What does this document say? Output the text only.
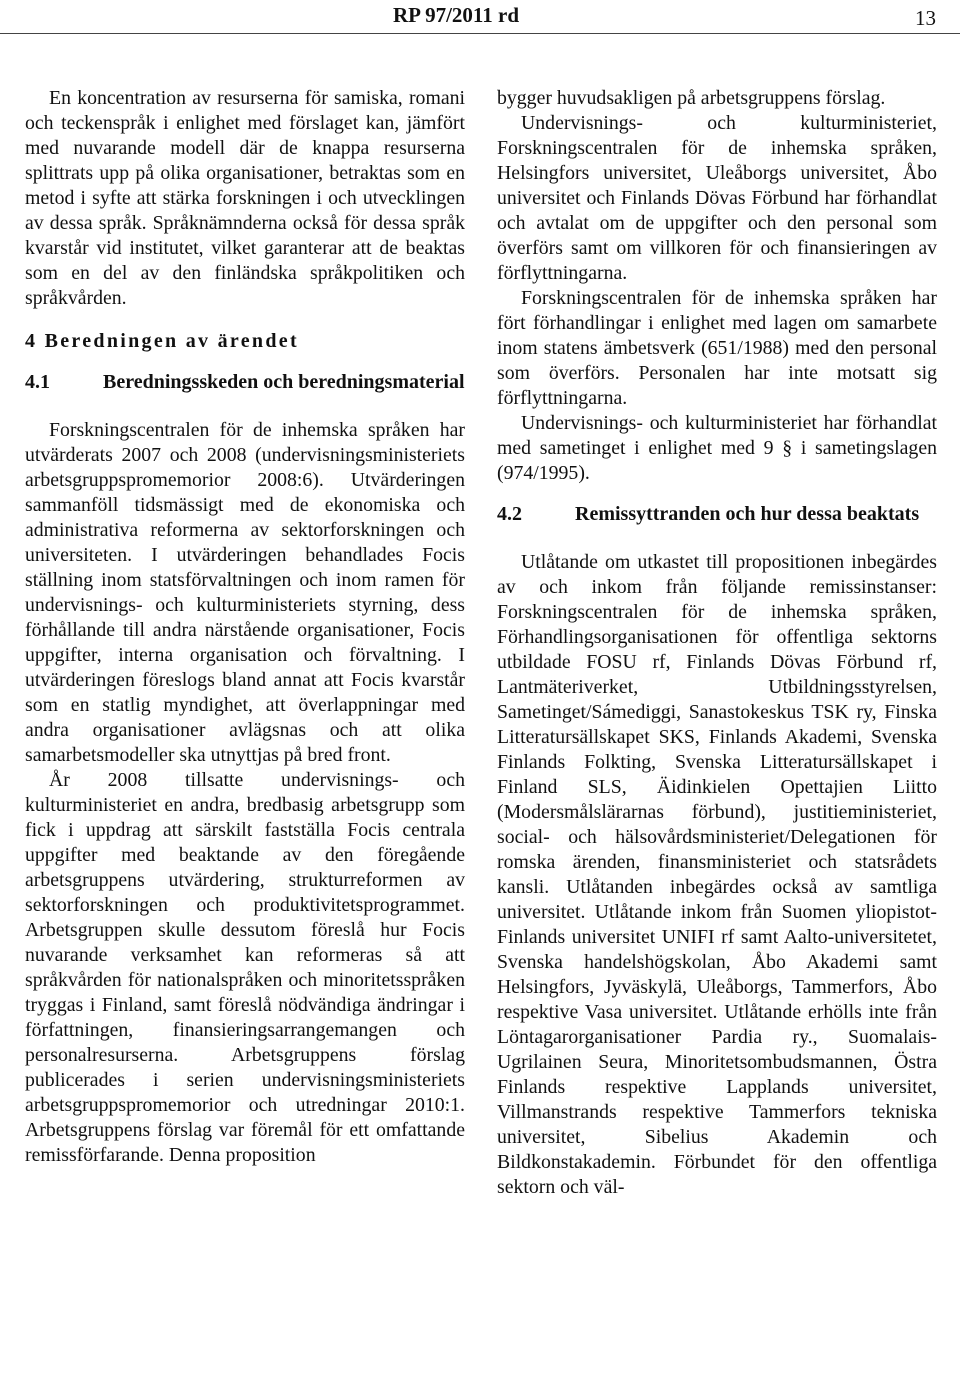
RP 97/2011 rd	13

En koncentration av resurserna för samiska, romani och teckenspråk i enlighet med förslaget kan, jämfört med nuvarande modell där de knappa resurserna splittrats upp på olika organisationer, betraktas som en metod i syfte att stärka forskningen i och utvecklingen av dessa språk. Språknämnderna också för dessa språk kvarstår vid institutet, vilket garanterar att de beaktas som en del av den finländska språkpolitiken och språkvården.

4 Beredningen av ärendet
4.1	Beredningsskeden och beredningsmaterial

Forskningscentralen för de inhemska språken har utvärderats 2007 och 2008 (undervisningsministeriets arbetsgruppspromemorior 2008:6). Utvärderingen sammanföll tidsmässigt med de ekonomiska och administrativa reformerna av sektorforskningen och universiteten. I utvärderingen behandlades Focis ställning inom statsförvaltningen och inom ramen för undervisnings- och kulturministeriets styrning, dess förhållande till andra närstående organisationer, Focis uppgifter, interna organisation och förvaltning. I utvärderingen föreslogs bland annat att Focis kvarstår som en statlig myndighet, att överlappningar med andra organisationer avlägsnas och att olika samarbetsmodeller ska utnyttjas på bred front.

År 2008 tillsatte undervisnings- och kulturministeriet en andra, bredbasig arbetsgrupp som fick i uppdrag att särskilt fastställa Focis centrala uppgifter med beaktande av den föregående arbetsgruppens utvärdering, strukturreformen av sektorforskningen och produktivitetsprogrammet. Arbetsgruppen skulle dessutom föreslå hur Focis nuvarande verksamhet kan reformeras så att språkvården för nationalspråken och minoritetsspråken tryggas i Finland, samt föreslå nödvändiga ändringar i författningen, finansieringsarrangemangen och personalresurserna. Arbetsgruppens förslag publicerades i serien undervisningsministeriets arbetsgruppspromemorior och utredningar 2010:1. Arbetsgruppens förslag var föremål för ett omfattande remissförfarande. Denna proposition

bygger huvudsakligen på arbetsgruppens förslag.

Undervisnings- och kulturministeriet, Forskningscentralen för de inhemska språken, Helsingfors universitet, Uleåborgs universitet, Åbo universitet och Finlands Dövas Förbund har förhandlat och avtalat om de uppgifter och den personal som överförs samt om villkoren för och finansieringen av förflyttningarna.

Forskningscentralen för de inhemska språken har fört förhandlingar i enlighet med lagen om samarbete inom statens ämbetsverk (651/1988) med den personal som överförs. Personalen har inte motsatt sig förflyttningarna.

Undervisnings- och kulturministeriet har förhandlat med sametinget i enlighet med 9 § i sametingslagen (974/1995).

4.2	Remissyttranden och hur dessa beaktats

Utlåtande om utkastet till propositionen inbegärdes av och inkom från följande remissinstanser: Forskningscentralen för de inhemska språken, Förhandlingsorganisationen för offentliga sektorns utbildade FOSU rf, Finlands Dövas Förbund rf, Lantmäteriverket, Utbildningsstyrelsen, Sametinget/Sámediggi, Sanastokeskus TSK ry, Finska Litteratursällskapet SKS, Finlands Akademi, Svenska Finlands Folkting, Svenska Litteratursällskapet i Finland SLS, Äidinkielen Opettajien Liitto (Modersmålslärarnas förbund), justitieministeriet, social- och hälsovårdsministeriet/Delegationen för romska ärenden, finansministeriet och statsrådets kansli. Utlåtanden inbegärdes också av samtliga universitet. Utlåtande inkom från Suomen yliopistot- Finlands universitet UNIFI rf samt Aalto-universitetet, Svenska handelshögskolan, Åbo Akademi samt Helsingfors, Jyväskylä, Uleåborgs, Tammerfors, Åbo respektive Vasa universitet. Utlåtande erhölls inte från Löntagarorganisationer Pardia ry., Suomalais-Ugrilainen Seura, Minoritetsombudsmannen, Östra Finlands respektive Lapplands universitet, Villmanstrands respektive Tammerfors tekniska universitet, Sibelius Akademin och Bildkonstakademin. Förbundet för den offentliga sektorn och väl-
